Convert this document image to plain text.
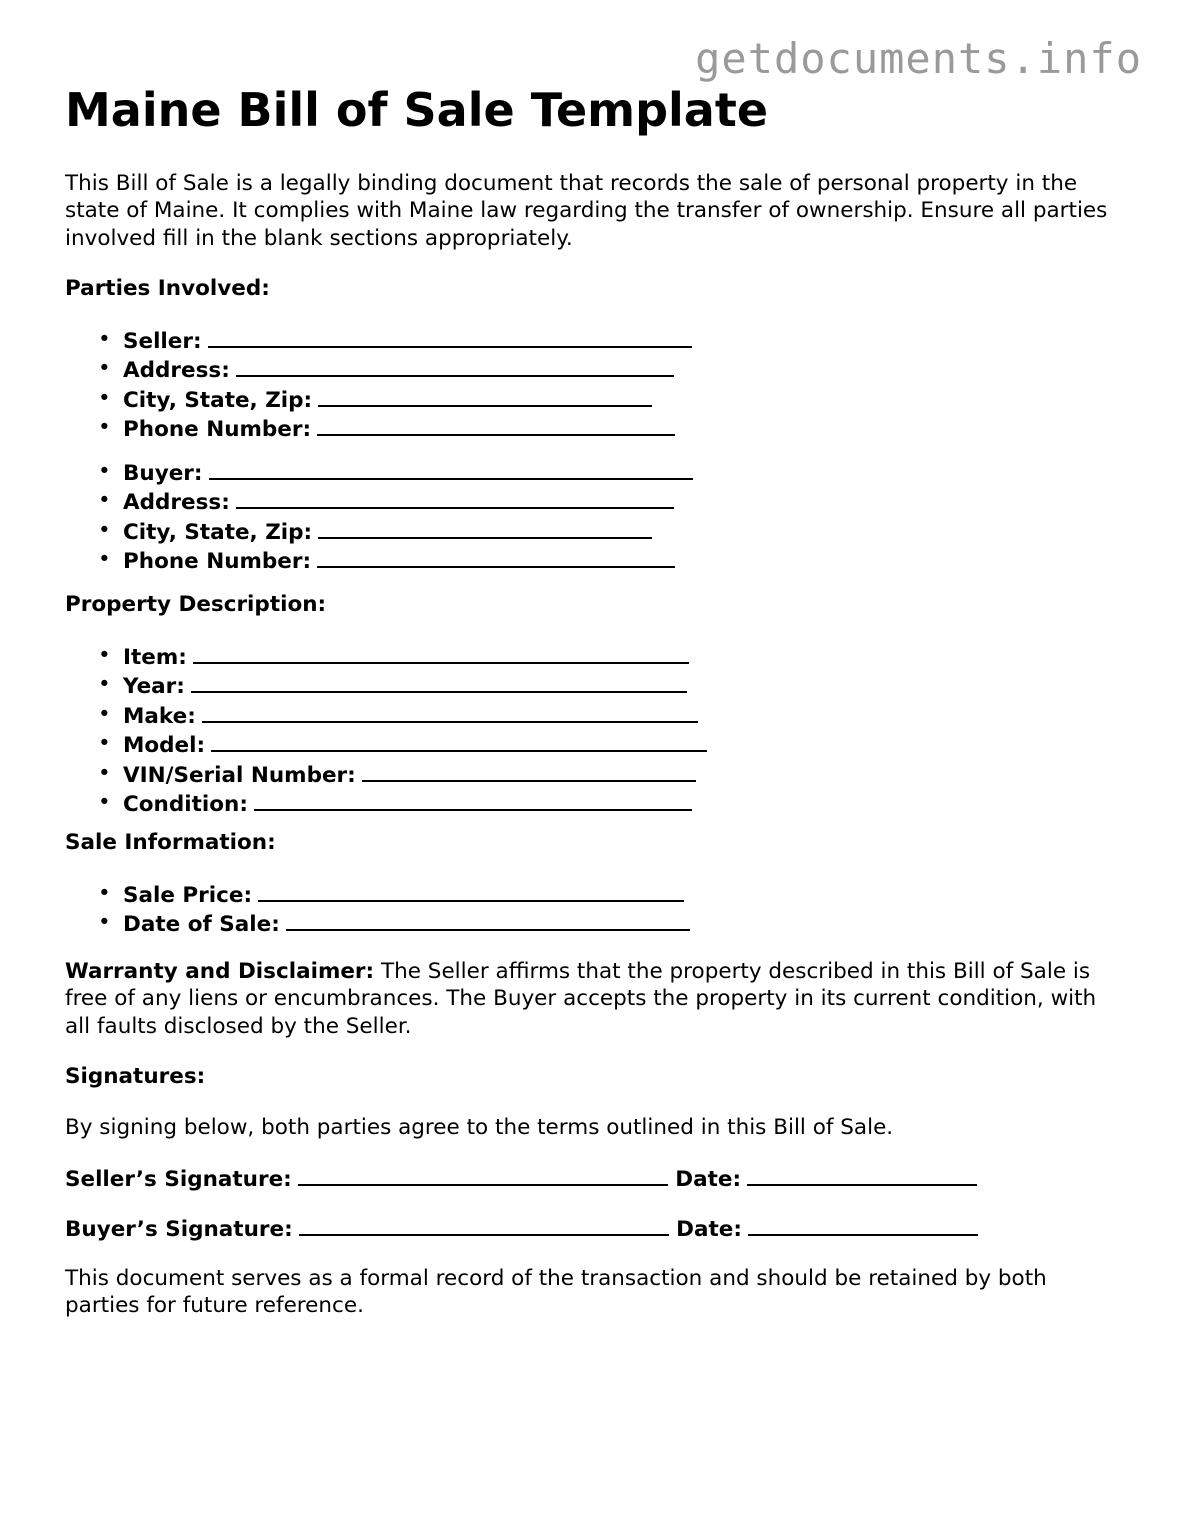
getdocuments.info
Maine Bill of Sale Template

This Bill of Sale is a legally binding document that records the sale of personal property in the state of Maine. It complies with Maine law regarding the transfer of ownership. Ensure all parties involved fill in the blank sections appropriately.

Parties Involved:

• Seller:
• Address:
• City, State, Zip:
• Phone Number:
• Buyer:
• Address:
• City, State, Zip:
• Phone Number:

Property Description:

• Item:
• Year:
• Make:
• Model:
• VIN/Serial Number:
• Condition:

Sale Information:

• Sale Price:
• Date of Sale:

Warranty and Disclaimer: The Seller affirms that the property described in this Bill of Sale is free of any liens or encumbrances. The Buyer accepts the property in its current condition, with all faults disclosed by the Seller.

Signatures:

By signing below, both parties agree to the terms outlined in this Bill of Sale.

Seller’s Signature:	Date:
Buyer’s Signature:	Date:

This document serves as a formal record of the transaction and should be retained by both parties for future reference.
